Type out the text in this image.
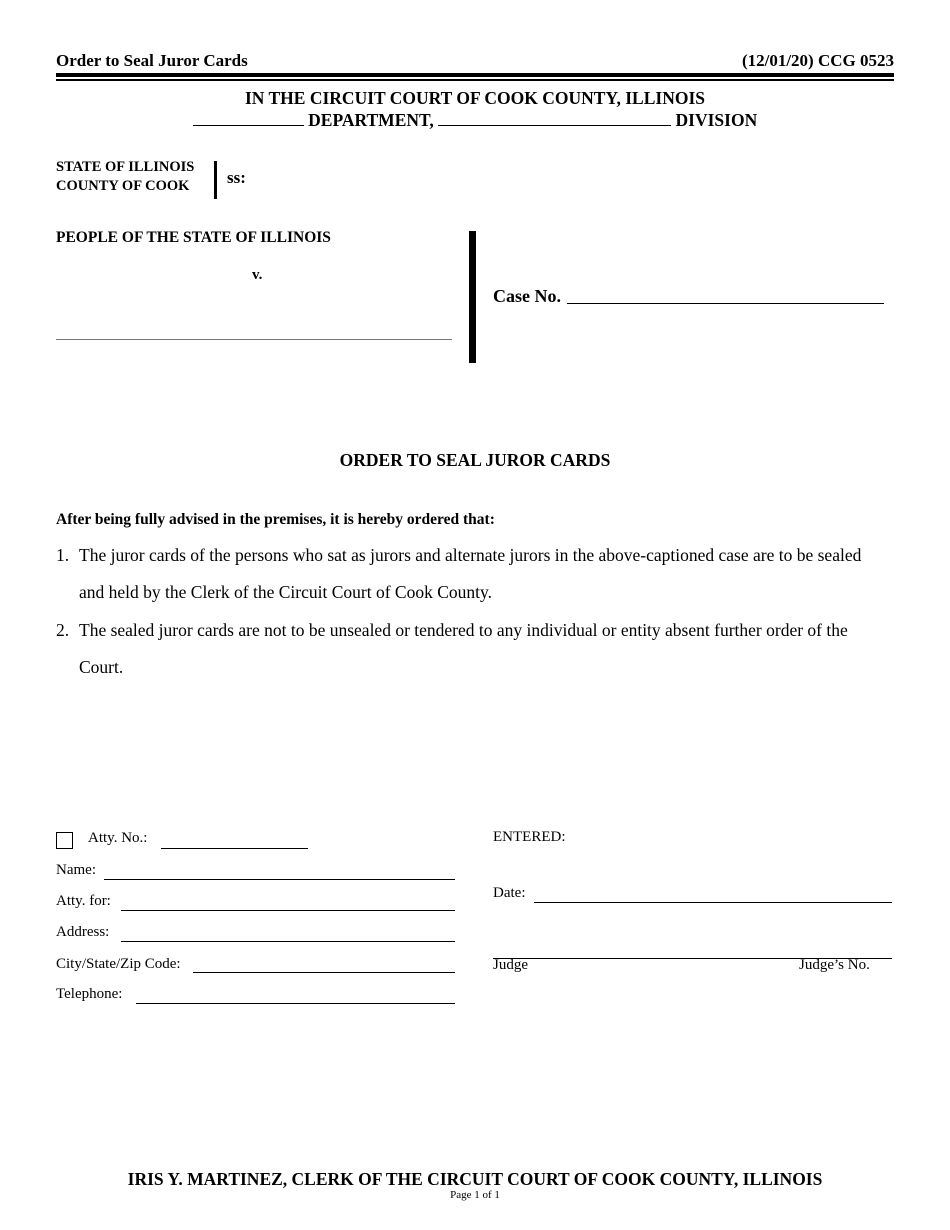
Order to Seal Juror Cards	(12/01/20) CCG 0523
IN THE CIRCUIT COURT OF COOK COUNTY, ILLINOIS
DEPARTMENT,	DIVISION
STATE OF ILLINOIS
COUNTY OF COOK ss:
PEOPLE OF THE STATE OF ILLINOIS
v.
Case No.
ORDER TO SEAL JUROR CARDS
After being fully advised in the premises, it is hereby ordered that:
1. The juror cards of the persons who sat as jurors and alternate jurors in the above-captioned case are to be sealed and held by the Clerk of the Circuit Court of Cook County.
2. The sealed juror cards are not to be unsealed or tendered to any individual or entity absent further order of the Court.
Atty. No.:
Name:
Atty. for:
Address:
City/State/Zip Code:
Telephone:
ENTERED:
Date:
Judge	Judge’s No.
IRIS Y. MARTINEZ, CLERK OF THE CIRCUIT COURT OF COOK COUNTY, ILLINOIS
Page 1 of 1
